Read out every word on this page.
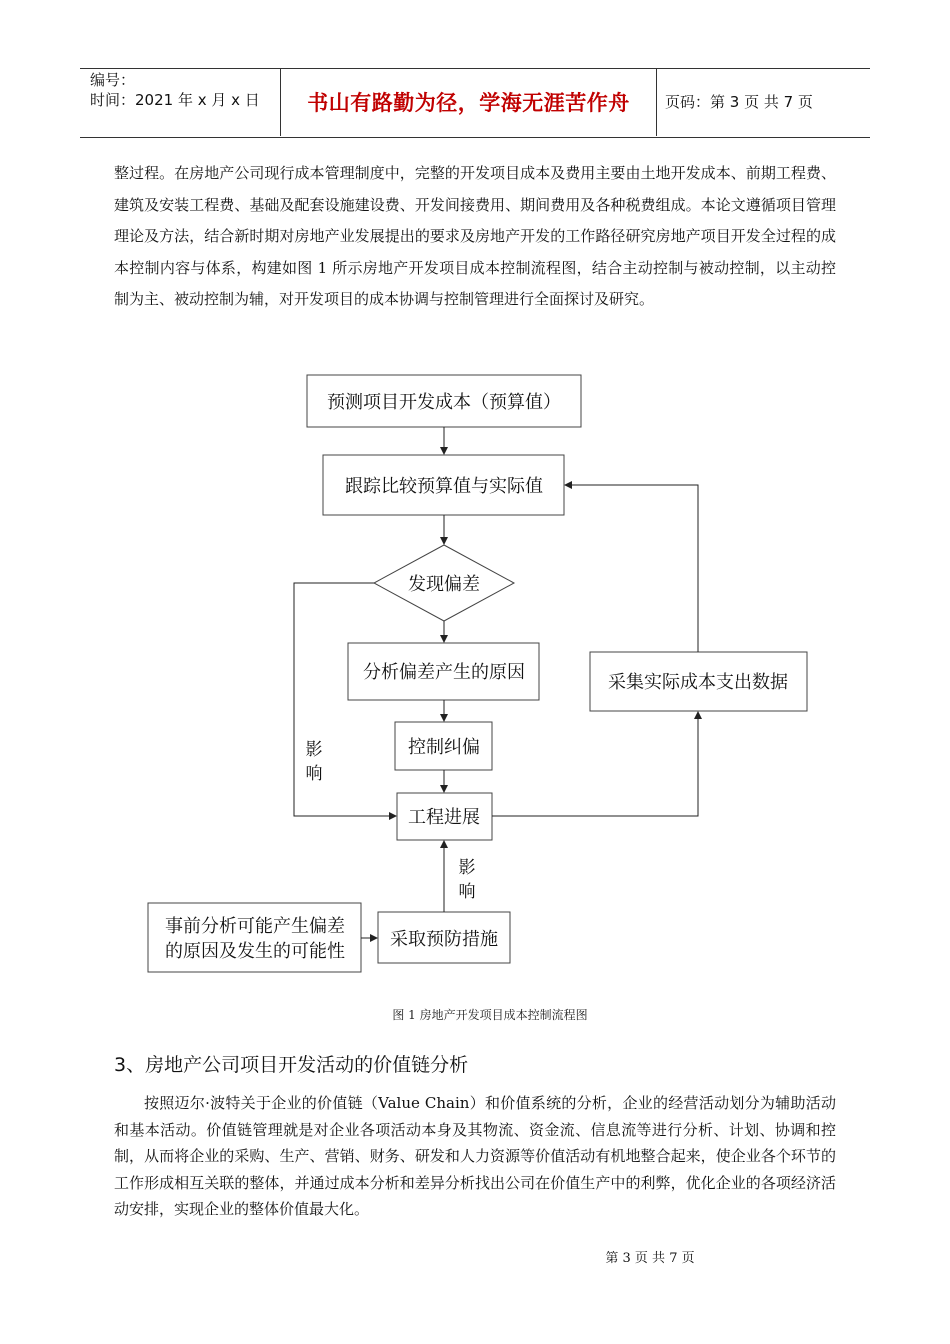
编号：
时间：2021 年 x 月 x 日 书山有路勤为径，学海无涯苦作舟 页码：第 3 页 共 7 页
整过程。在房地产公司现行成本管理制度中，完整的开发项目成本及费用主要由土地开发成本、前期工程费、建筑及安装工程费、基础及配套设施建设费、开发间接费用、期间费用及各种税费组成。本论文遵循项目管理理论及方法，结合新时期对房地产业发展提出的要求及房地产开发的工作路径研究房地产项目开发全过程的成本控制内容与体系，构建如图 1 所示房地产开发项目成本控制流程图，结合主动控制与被动控制，以主动控制为主、被动控制为辅，对开发项目的成本协调与控制管理进行全面探讨及研究。
预测项目开发成本（预算值）
跟踪比较预算值与实际值
发现偏差
分析偏差产生的原因
控制纠偏
工程进展
采集实际成本支出数据
采取预防措施
事前分析可能产生偏差
的原因及发生的可能性
影
响
影
响
图 1 房地产开发项目成本控制流程图
3、房地产公司项目开发活动的价值链分析
按照迈尔·波特关于企业的价值链（Value Chain）和价值系统的分析，企业的经营活动划分为辅助活动和基本活动。价值链管理就是对企业各项活动本身及其物流、资金流、信息流等进行分析、计划、协调和控制，从而将企业的采购、生产、营销、财务、研发和人力资源等价值活动有机地整合起来，使企业各个环节的工作形成相互关联的整体，并通过成本分析和差异分析找出公司在价值生产中的利弊，优化企业的各项经济活动安排，实现企业的整体价值最大化。
第 3 页 共 7 页
